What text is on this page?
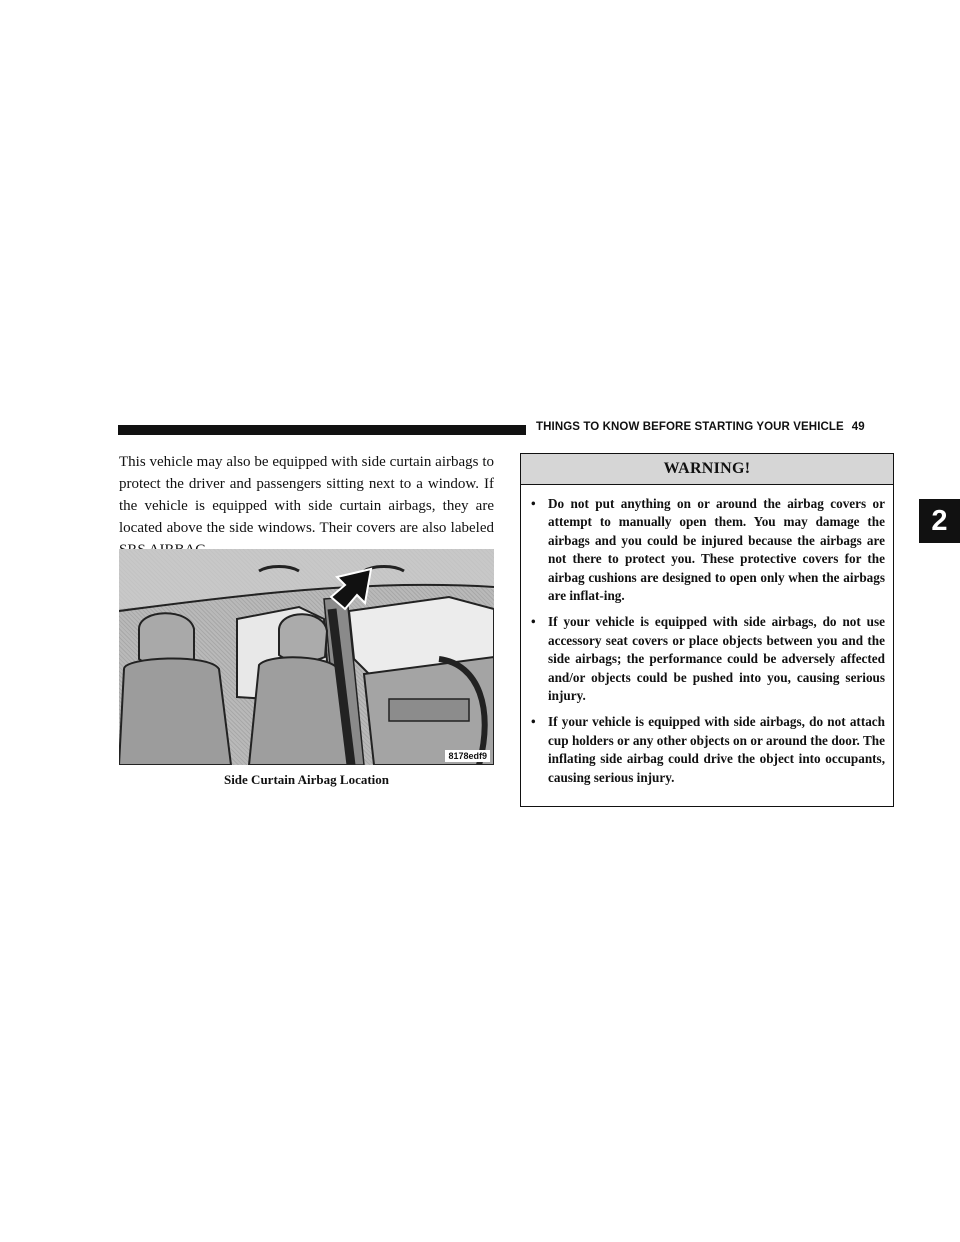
THINGS TO KNOW BEFORE STARTING YOUR VEHICLE 49
2

This vehicle may also be equipped with side curtain airbags to protect the driver and passengers sitting next to a window. If the vehicle is equipped with side curtain airbags, they are located above the side windows. Their covers are also labeled

8178edf9
Side Curtain Airbag Location
WARNING!
• Do not put anything on or around the airbag covers or attempt to manually open them. You may damage the airbags and you could be injured because the airbags are not there to protect you. These protective covers for the airbag cushions are designed to open only when the airbags are inflat-ing.
• If your vehicle is equipped with side airbags, do not use accessory seat covers or place objects between you and the side airbags; the performance could be adversely affected and/or objects could be pushed into you, causing serious injury.
• If your vehicle is equipped with side airbags, do not attach cup holders or any other objects on or around the door. The inflating side airbag could drive the object into occupants, causing serious injury.
